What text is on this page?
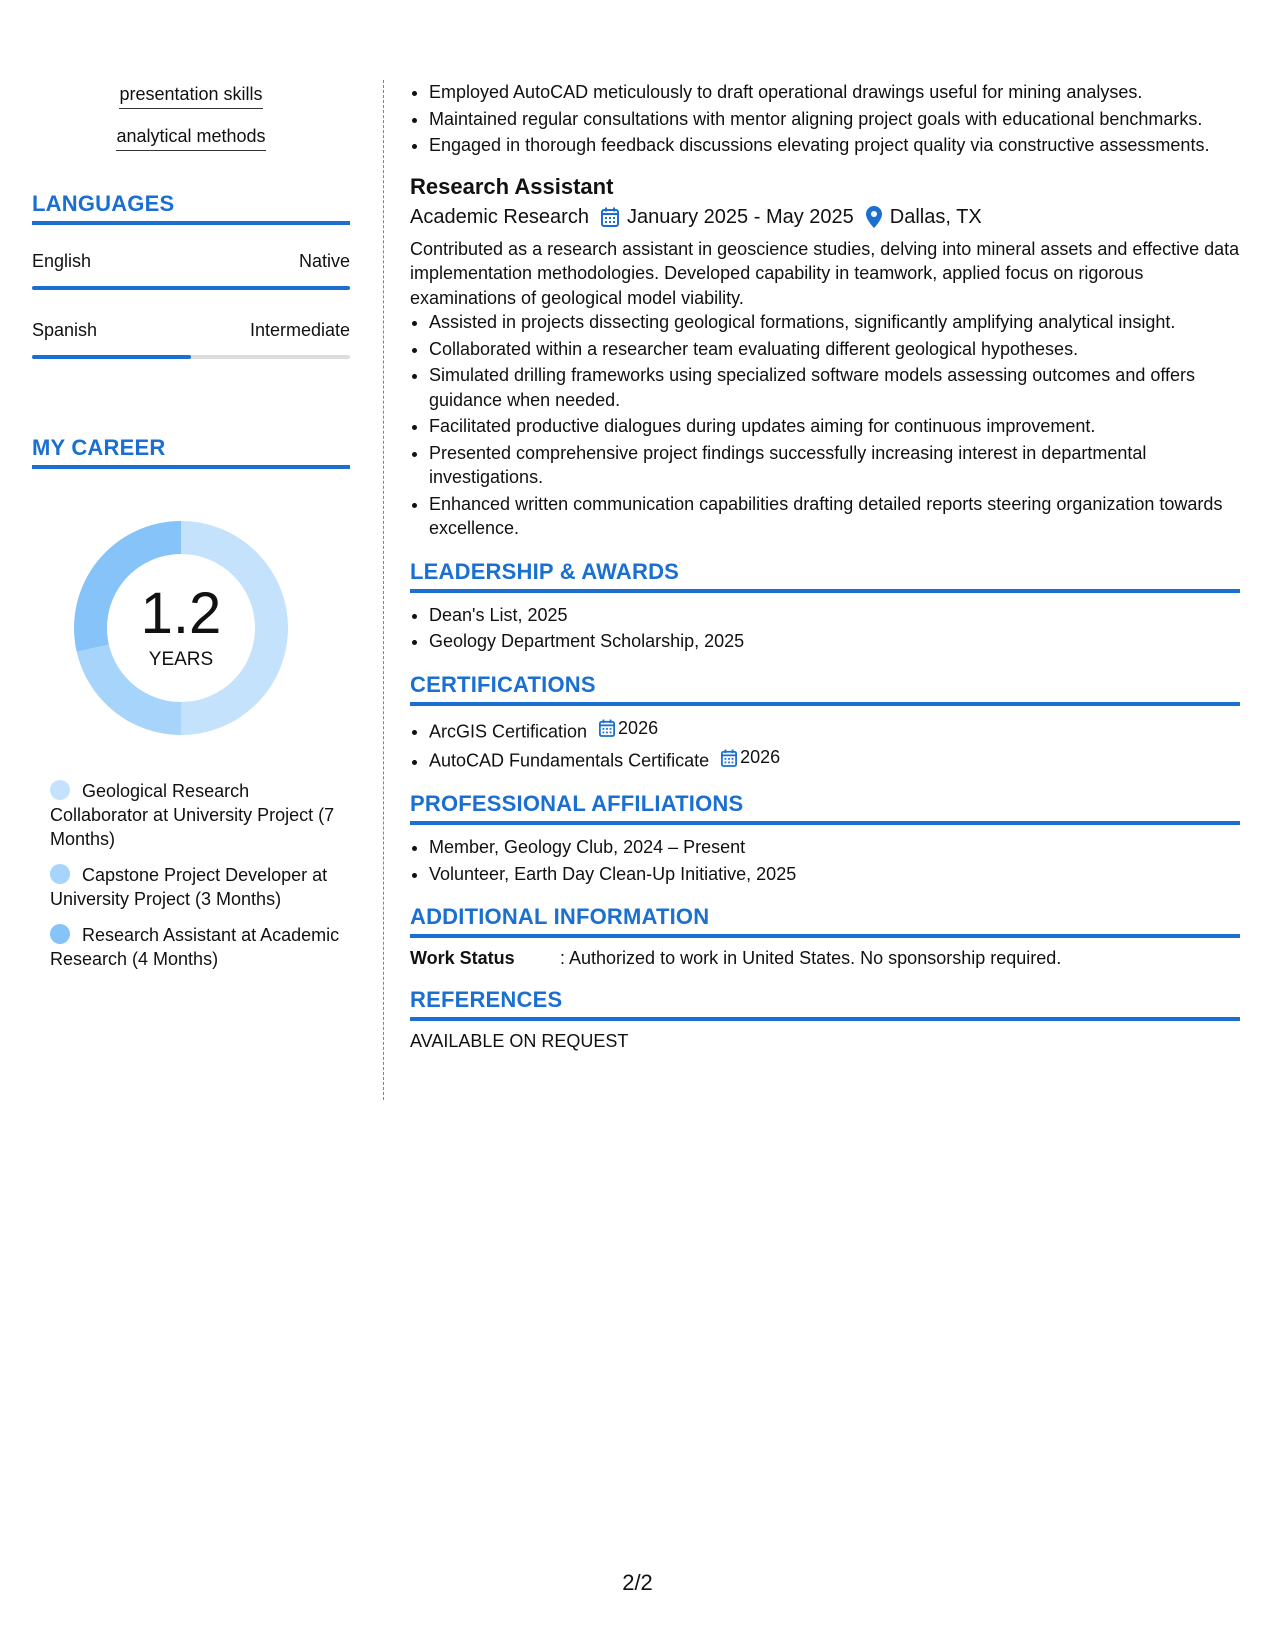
presentation skills
analytical methods
LANGUAGES
English	Native
Spanish	Intermediate
MY CAREER
1.2
YEARS
Geological Research Collaborator at University Project (7 Months)
Capstone Project Developer at University Project (3 Months)
Research Assistant at Academic Research (4 Months)
• Employed AutoCAD meticulously to draft operational drawings useful for mining analyses.
• Maintained regular consultations with mentor aligning project goals with educational benchmarks.
• Engaged in thorough feedback discussions elevating project quality via constructive assessments.
Research Assistant
Academic Research January 2025 - May 2025 Dallas, TX

Contributed as a research assistant in geoscience studies, delving into mineral assets and effective data implementation methodologies. Developed capability in teamwork, applied focus on rigorous examinations of geological model viability.

• Assisted in projects dissecting geological formations, significantly amplifying analytical insight.
• Collaborated within a researcher team evaluating different geological hypotheses.
• Simulated drilling frameworks using specialized software models assessing outcomes and offers guidance when needed.
• Facilitated productive dialogues during updates aiming for continuous improvement.
• Presented comprehensive project findings successfully increasing interest in departmental investigations.
• Enhanced written communication capabilities drafting detailed reports steering organization towards excellence.
LEADERSHIP & AWARDS
• Dean's List, 2025
• Geology Department Scholarship, 2025
CERTIFICATIONS
• ArcGIS Certification 2026
• AutoCAD Fundamentals Certificate 2026
PROFESSIONAL AFFILIATIONS
• Member, Geology Club, 2024 – Present
• Volunteer, Earth Day Clean-Up Initiative, 2025
ADDITIONAL INFORMATION
Work Status	: Authorized to work in United States. No sponsorship required.
REFERENCES
AVAILABLE ON REQUEST
2/2
